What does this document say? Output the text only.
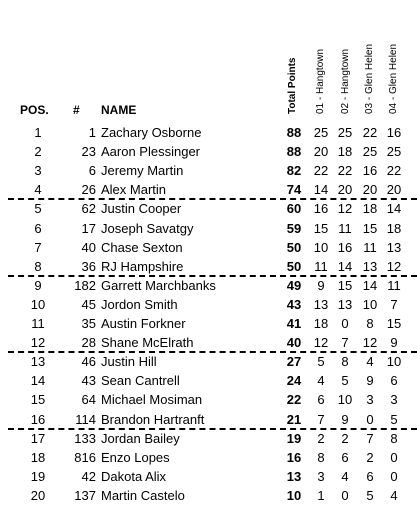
POS. # NAME	Total Points 01 - Hangtown 02 - Hangtown 03 - Glen Helen 04 - Glen Helen
1	1 Zachary Osborne	88 25 25 22 16
2	23 Aaron Plessinger	88 20 18 25 25
3	6 Jeremy Martin	82 22 22 16 22
4	26 Alex Martin	74 14 20 20 20
5	62 Justin Cooper	60 16 12 18 14
6	17 Joseph Savatgy	59 15 11 15 18
7	40 Chase Sexton	50 10 16 11 13
8	36 RJ Hampshire	50	11 14 13 12
9	182 Garrett Marchbanks	49	9	15 14 11
10	45 Jordon Smith	43 13 13 10	7
11	35 Austin Forkner	41 18	0	8	15
12	28 Shane McElrath	40 12	7	12	9
13	46 Justin Hill	27	5	8	4	10
14	43 Sean Cantrell	24	4	5	9	6
15	64 Michael Mosiman	22	6	10	3	3
16	114 Brandon Hartranft	21	7	9	0	5
17	133 Jordan Bailey	19	2	2	7	8
18	816 Enzo Lopes	16	8	6	2	0
19	42 Dakota Alix	13	3	4	6	0
20	137 Martin Castelo	10	1	0	5	4
